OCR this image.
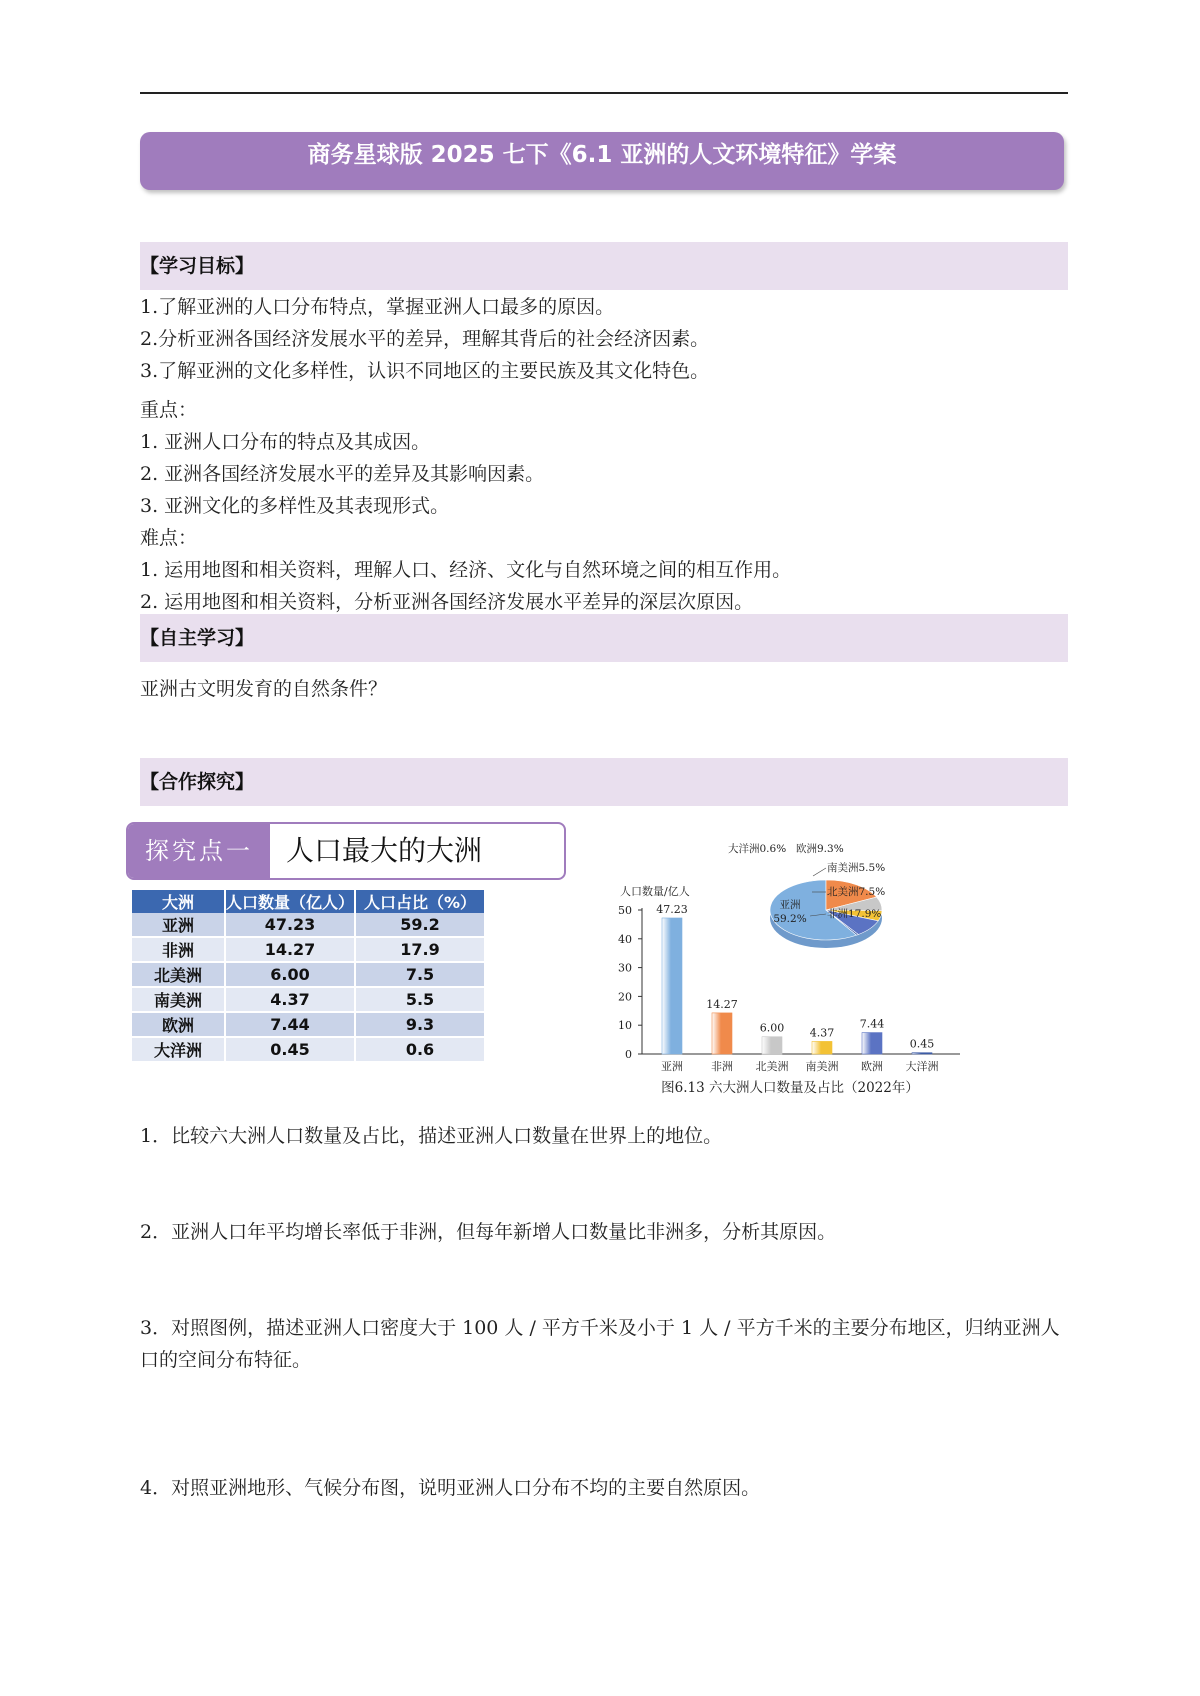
商务星球版 2025 七下《6.1 亚洲的人文环境特征》学案
【学习目标】
1.了解亚洲的人口分布特点，掌握亚洲人口最多的原因。
2.分析亚洲各国经济发展水平的差异，理解其背后的社会经济因素。
3.了解亚洲的文化多样性，认识不同地区的主要民族及其文化特色。
重点：
1. 亚洲人口分布的特点及其成因。
2. 亚洲各国经济发展水平的差异及其影响因素。
3. 亚洲文化的多样性及其表现形式。
难点：
1. 运用地图和相关资料，理解人口、经济、文化与自然环境之间的相互作用。
2. 运用地图和相关资料，分析亚洲各国经济发展水平差异的深层次原因。
【自主学习】
亚洲古文明发育的自然条件？
【合作探究】
探究点一	人口最大的大洲
大洲	人口数量（亿人）	人口占比（%）
亚洲	47.23	59.2
非洲	14.27	17.9
北美洲	6.00	7.5
南美洲	4.37	5.5
欧洲	7.44	9.3
大洋洲	0.45	0.6
人口数量/亿人
0
10
20
30
40
50 47.23
亚洲
14.27
非洲
6.00
北美洲
4.37
南美洲
7.44
欧洲
0.45
大洋洲
亚洲
59.2%
大洋洲0.6% 欧洲9.3%
南美洲5.5%
北美洲7.5%
非洲17.9%
图6.13 六大洲人口数量及占比（2022年）
1．比较六大洲人口数量及占比，描述亚洲人口数量在世界上的地位。
2．亚洲人口年平均增长率低于非洲，但每年新增人口数量比非洲多，分析其原因。
3．对照图例，描述亚洲人口密度大于 100 人 / 平方千米及小于 1 人 / 平方千米的主要分布地区，归纳亚洲人口的空间分布特征。
4．对照亚洲地形、气候分布图，说明亚洲人口分布不均的主要自然原因。
